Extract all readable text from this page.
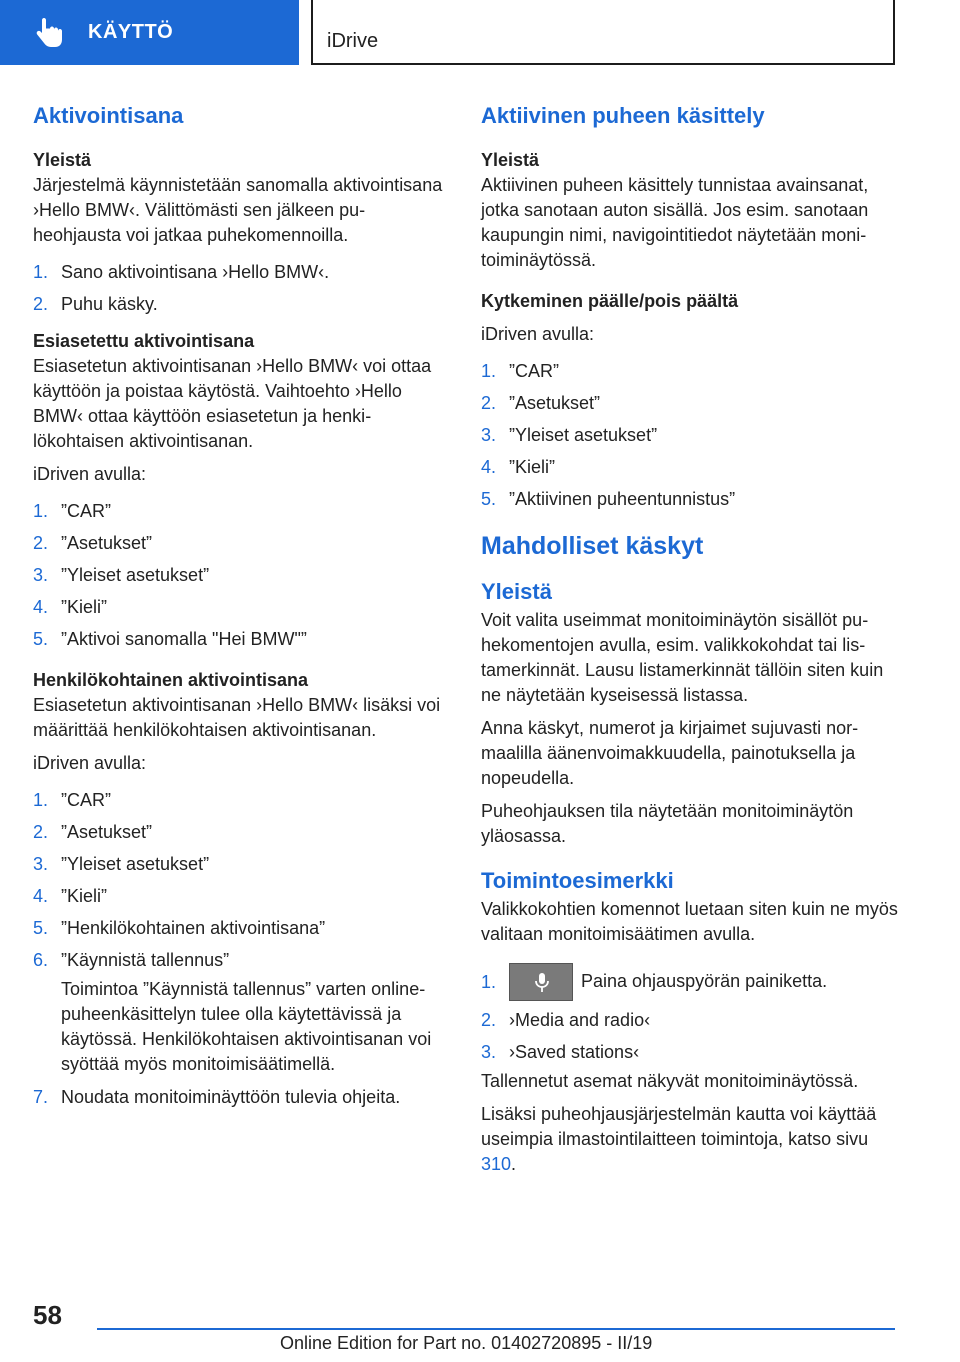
KÄYTTÖ	iDrive
Aktivointisana
Yleistä
Järjestelmä käynnistetään sanomalla aktivointisana ›Hello BMW‹. Välittömästi sen jälkeen puheohjausta voi jatkaa puhekomennoilla.
1. Sano aktivointisana ›Hello BMW‹.
2. Puhu käsky.
Esiasetettu aktivointisana
Esiasetetun aktivointisanan ›Hello BMW‹ voi ottaa käyttöön ja poistaa käytöstä. Vaihtoehto ›Hello BMW‹ ottaa käyttöön esiasetetun ja henkilökohtaisen aktivointisanan.
iDriven avulla:
1. ”CAR”
2. ”Asetukset”
3. ”Yleiset asetukset”
4. ”Kieli”
5. ”Aktivoi sanomalla "Hei BMW"”
Henkilökohtainen aktivointisana
Esiasetetun aktivointisanan ›Hello BMW‹ lisäksi voi määrittää henkilökohtaisen aktivointisanan.
iDriven avulla:
1. ”CAR”
2. ”Asetukset”
3. ”Yleiset asetukset”
4. ”Kieli”
5. ”Henkilökohtainen aktivointisana”
6. ”Käynnistä tallennus”
Toimintoa ”Käynnistä tallennus” varten online-puheenkäsittelyn tulee olla käytettävissä ja käytössä. Henkilökohtaisen aktivointisanan voi syöttää myös monitoimisäätimellä.
7. Noudata monitoiminäyttöön tulevia ohjeita.
Aktiivinen puheen käsittely
Yleistä
Aktiivinen puheen käsittely tunnistaa avainsanat, jotka sanotaan auton sisällä. Jos esim. sanotaan kaupungin nimi, navigointitiedot näytetään monitoiminäytössä.
Kytkeminen päälle/pois päältä
iDriven avulla:
1. ”CAR”
2. ”Asetukset”
3. ”Yleiset asetukset”
4. ”Kieli”
5. ”Aktiivinen puheentunnistus”
Mahdolliset käskyt
Yleistä
Voit valita useimmat monitoiminäytön sisällöt puhekomentojen avulla, esim. valikkokohdat tai listamerkinnät. Lausu listamerkinnät tällöin siten kuin ne näytetään kyseisessä listassa.
Anna käskyt, numerot ja kirjaimet sujuvasti normaalilla äänenvoimakkuudella, painotuksella ja nopeudella.
Puheohjauksen tila näytetään monitoiminäytön yläosassa.
Toimintoesimerkki
Valikkokohtien komennot luetaan siten kuin ne myös valitaan monitoimisäätimen avulla.
1.	Paina ohjauspyörän painiketta.
2. ›Media and radio‹
3. ›Saved stations‹
Tallennetut asemat näkyvät monitoiminäytössä.
Lisäksi puheohjausjärjestelmän kautta voi käyttää useimpia ilmastointilaitteen toimintoja, katso sivu 310.
58
Online Edition for Part no. 01402720895 - II/19
